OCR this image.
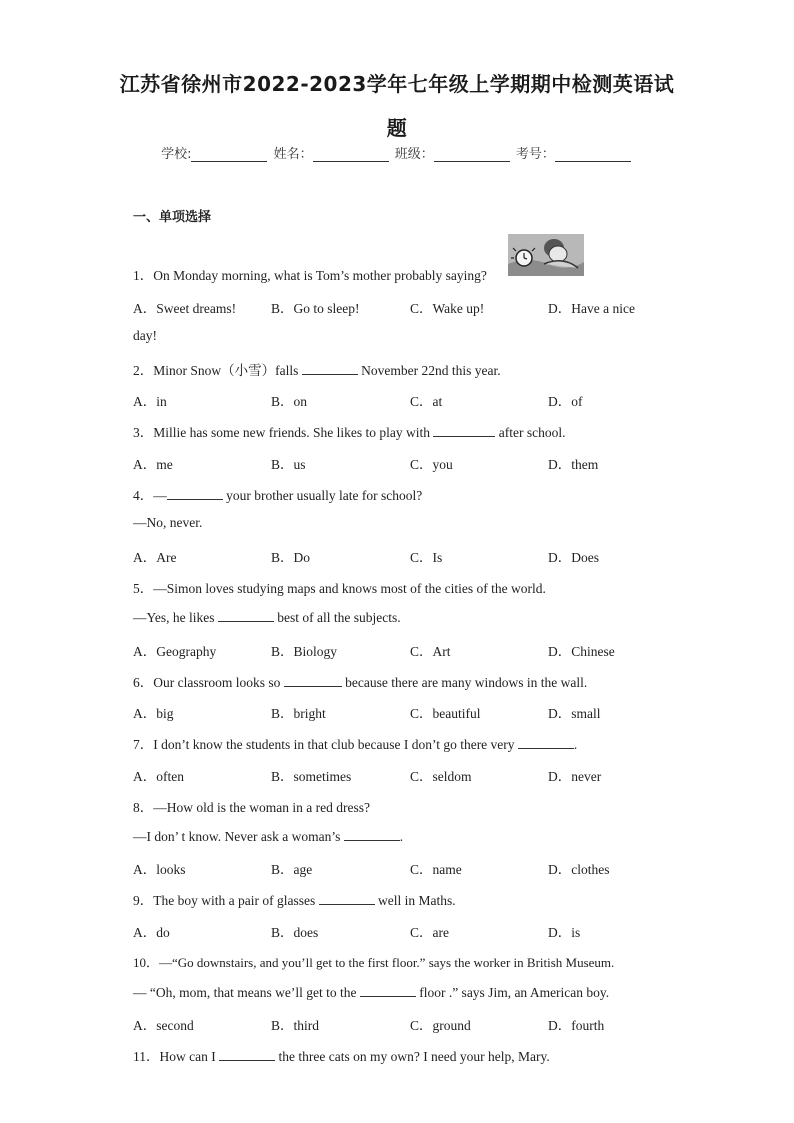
江苏省徐州市2022-2023学年七年级上学期期中检测英语试
题
学校:	姓名：	班级：	考号：
一、单项选择
1．On Monday morning, what is Tom’s mother probably saying?
A．Sweet dreams!	B．Go to sleep!	C．Wake up!	D．Have a nice
day!
2．Minor Snow（小雪）falls	November 22nd this year.
A．in	B．on	C．at	D．of
3．Millie has some new friends. She likes to play with	after school.
A．me	B．us	C．you	D．them
4．—	your brother usually late for school?
—No, never.
A．Are	B．Do	C．Is	D．Does
5．—Simon loves studying maps and knows most of the cities of the world.
—Yes, he likes	best of all the subjects.
A．Geography	B．Biology	C．Art	D．Chinese
6．Our classroom looks so	because there are many windows in the wall.
A．big	B．bright	C．beautiful	D．small
7．I don’t know the students in that club because I don’t go there very	.
A．often	B．sometimes	C．seldom	D．never
8．—How old is the woman in a red dress?
—I don’ t know. Never ask a woman’s	.
A．looks	B．age	C．name	D．clothes
9．The boy with a pair of glasses	well in Maths.
A．do	B．does	C．are	D．is
10．—“Go downstairs, and you’ll get to the first floor.” says the worker in British Museum.
— “Oh, mom, that means we’ll get to the	floor .” says Jim, an American boy.
A．second	B．third	C．ground	D．fourth
11．How can I	the three cats on my own? I need your help, Mary.
